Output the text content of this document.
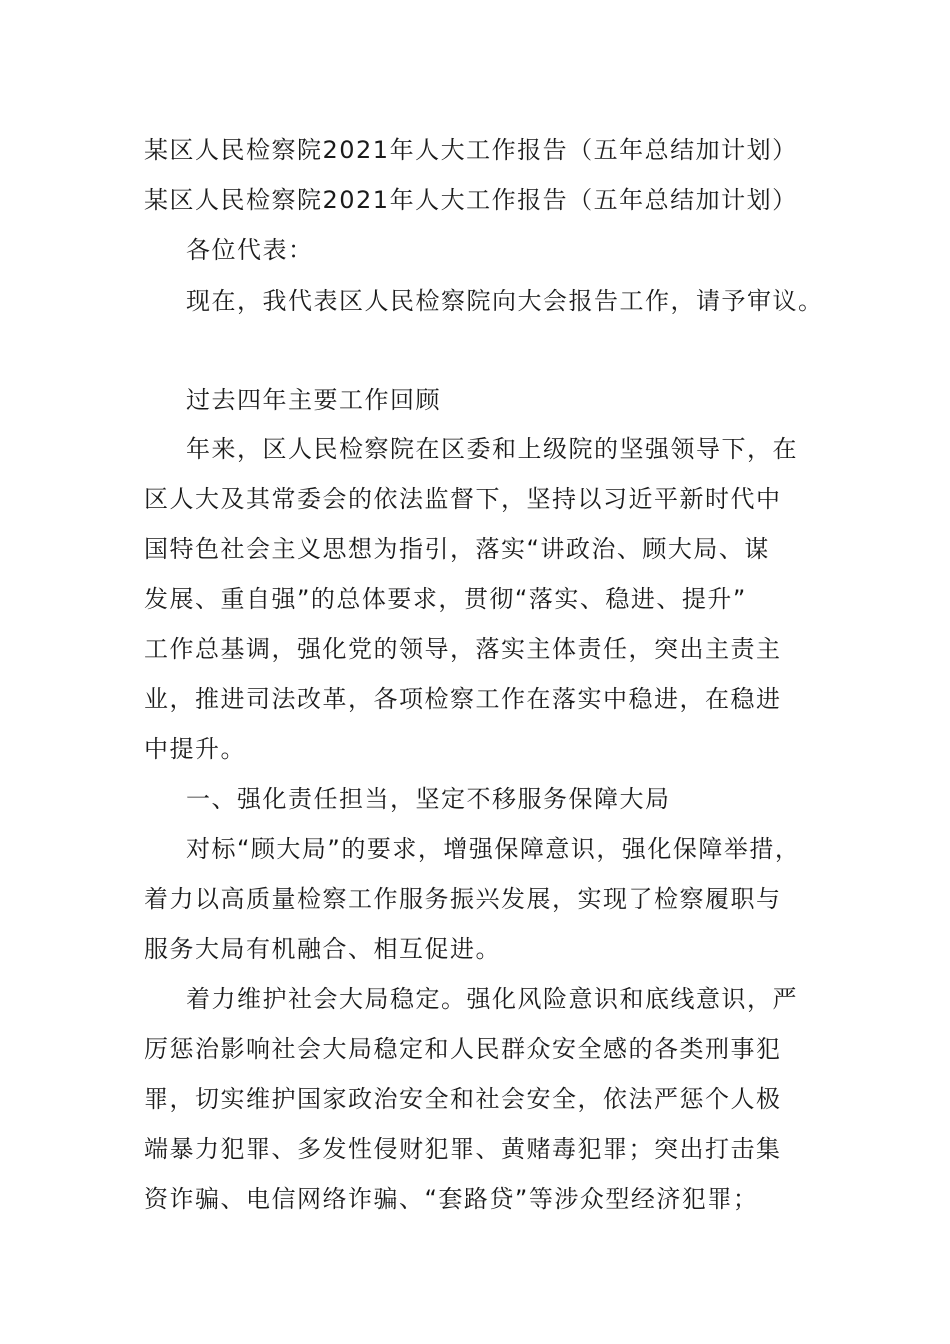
某区人民检察院2021年人大工作报告（五年总结加计划）
某区人民检察院2021年人大工作报告（五年总结加计划）
各位代表：
现在，我代表区人民检察院向大会报告工作，请予审议。
过去四年主要工作回顾
年来，区人民检察院在区委和上级院的坚强领导下，在
区人大及其常委会的依法监督下，坚持以习近平新时代中
国特色社会主义思想为指引，落实“讲政治、顾大局、谋
发展、重自强”的总体要求，贯彻“落实、稳进、提升”
工作总基调，强化党的领导，落实主体责任，突出主责主
业，推进司法改革，各项检察工作在落实中稳进，在稳进
中提升。
一、强化责任担当，坚定不移服务保障大局
对标“顾大局”的要求，增强保障意识，强化保障举措，
着力以高质量检察工作服务振兴发展，实现了检察履职与
服务大局有机融合、相互促进。
着力维护社会大局稳定。强化风险意识和底线意识，严
厉惩治影响社会大局稳定和人民群众安全感的各类刑事犯
罪，切实维护国家政治安全和社会安全，依法严惩个人极
端暴力犯罪、多发性侵财犯罪、黄赌毒犯罪；突出打击集
资诈骗、电信网络诈骗、“套路贷”等涉众型经济犯罪；
